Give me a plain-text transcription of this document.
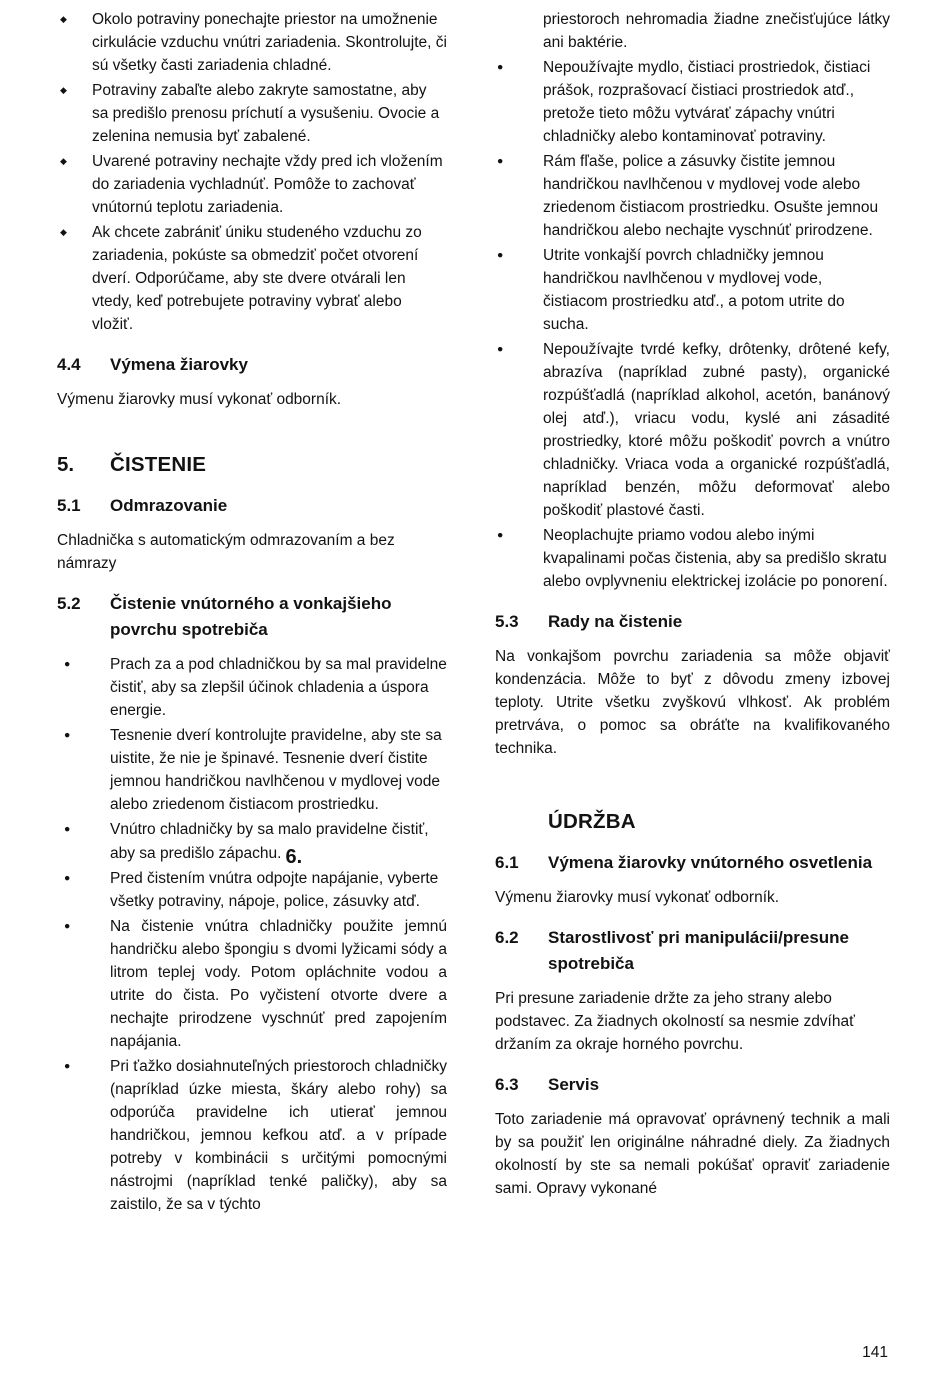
◆	Okolo potraviny ponechajte priestor na umožnenie cirkulácie vzduchu vnútri zariadenia. Skontrolujte, či sú všetky časti zariadenia chladné.
◆	Potraviny zabaľte alebo zakryte samostatne, aby sa predišlo prenosu príchutí a vysušeniu. Ovocie a zelenina nemusia byť zabalené.
◆	Uvarené potraviny nechajte vždy pred ich vložením do zariadenia vychladnúť. Pomôže to zachovať vnútornú teplotu zariadenia.
◆	Ak chcete zabrániť úniku studeného vzduchu zo zariadenia, pokúste sa obmedziť počet otvorení dverí. Odporúčame, aby ste dvere otvárali len vtedy, keď potrebujete potraviny vybrať alebo vložiť.
4.4	Výmena žiarovky

Výmenu žiarovky musí vykonať odborník.

5.	ČISTENIE
5.1	Odmrazovanie

Chladnička s automatickým odmrazovaním a bez námrazy

5.2	Čistenie vnútorného a vonkajšieho povrchu spotrebiča
●	Prach za a pod chladničkou by sa mal pravidelne čistiť, aby sa zlepšil účinok chladenia a úspora energie.
●	Tesnenie dverí kontrolujte pravidelne, aby ste sa uistite, že nie je špinavé. Tesnenie dverí čistite jemnou handričkou navlhčenou v mydlovej vode alebo zriedenom čistiacom prostriedku.
●	Vnútro chladničky by sa malo pravidelne čistiť, aby sa predišlo zápachu. 6.
●	Pred čistením vnútra odpojte napájanie, vyberte všetky potraviny, nápoje, police, zásuvky atď.
●	Na čistenie vnútra chladničky použite jemnú handričku alebo špongiu s dvomi lyžicami sódy a litrom teplej vody. Potom opláchnite vodou a utrite do čista. Po vyčistení otvorte dvere a nechajte prirodzene vyschnúť pred zapojením napájania.
●	Pri ťažko dosiahnuteľných priestoroch chladničky (napríklad úzke miesta, škáry alebo rohy) sa odporúča pravidelne ich utierať jemnou handričkou, jemnou kefkou atď. a v prípade potreby v kombinácii s určitými pomocnými nástrojmi (napríklad tenké paličky), aby sa zaistilo, že sa v týchto
priestoroch nehromadia žiadne znečisťujúce látky ani baktérie.
●	Nepoužívajte mydlo, čistiaci prostriedok, čistiaci prášok, rozprašovací čistiaci prostriedok atď., pretože tieto môžu vytvárať zápachy vnútri chladničky alebo kontaminovať potraviny.
●	Rám fľaše, police a zásuvky čistite jemnou handričkou navlhčenou v mydlovej vode alebo zriedenom čistiacom prostriedku. Osušte jemnou handričkou alebo nechajte vyschnúť prirodzene.
●	Utrite vonkajší povrch chladničky jemnou handričkou navlhčenou v mydlovej vode, čistiacom prostriedku atď., a potom utrite do sucha.
●	Nepoužívajte tvrdé kefky, drôtenky, drôtené kefy, abrazíva (napríklad zubné pasty), organické rozpúšťadlá (napríklad alkohol, acetón, banánový olej atď.), vriacu vodu, kyslé ani zásadité prostriedky, ktoré môžu poškodiť povrch a vnútro chladničky. Vriaca voda a organické rozpúšťadlá, napríklad benzén, môžu deformovať alebo poškodiť plastové časti.
●	Neoplachujte priamo vodou alebo inými kvapalinami počas čistenia, aby sa predišlo skratu alebo ovplyvneniu elektrickej izolácie po ponorení.
5.3	Rady na čistenie

Na vonkajšom povrchu zariadenia sa môže objaviť kondenzácia. Môže to byť z dôvodu zmeny izbovej teploty. Utrite všetku zvyškovú vlhkosť. Ak problém pretrváva, o pomoc sa obráťte na kvalifikovaného technika.

ÚDRŽBA
6.1	Výmena žiarovky vnútorného osvetlenia

Výmenu žiarovky musí vykonať odborník.

6.2	Starostlivosť pri manipulácii/presune spotrebiča

Pri presune zariadenie držte za jeho strany alebo podstavec. Za žiadnych okolností sa nesmie zdvíhať držaním za okraje horného povrchu.

6.3	Servis

Toto zariadenie má opravovať oprávnený technik a mali by sa použiť len originálne náhradné diely. Za žiadnych okolností by ste sa nemali pokúšať opraviť zariadenie sami. Opravy vykonané

141
